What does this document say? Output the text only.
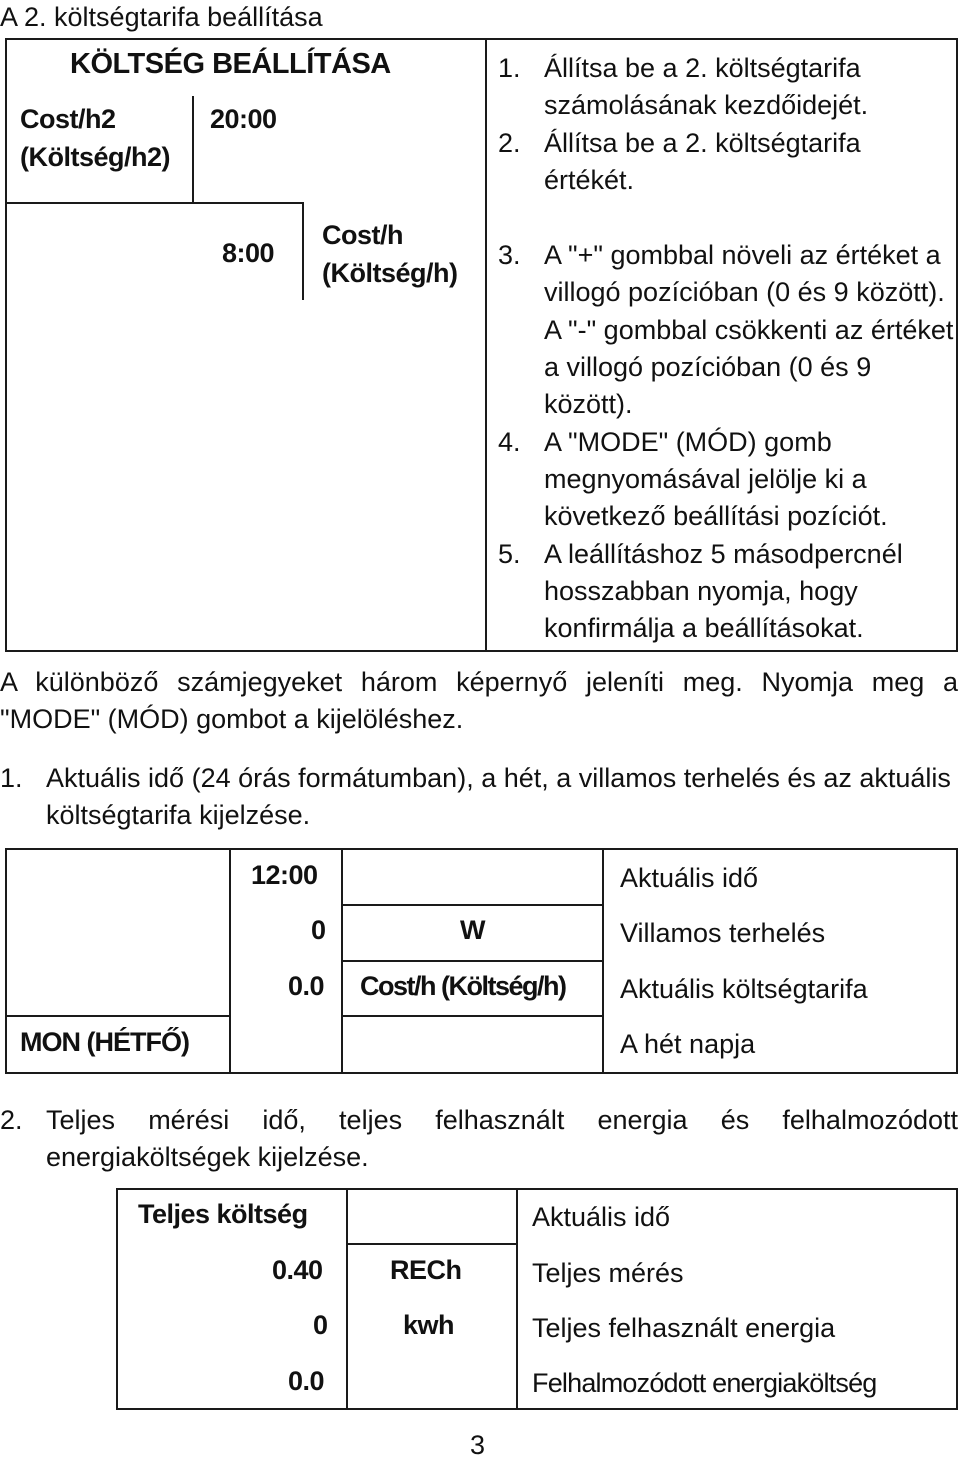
A 2. költségtarifa beállítása
KÖLTSÉG BEÁLLÍTÁSA
Cost/h2
(Költség/h2)
20:00
8:00
Cost/h
(Költség/h)
1. Állítsa be a 2. költségtarifa számolásának kezdőidejét.
2. Állítsa be a 2. költségtarifa értékét.
3. A "+" gombbal növeli az értéket a villogó pozícióban (0 és 9 között). A "-" gombbal csökkenti az értéket a villogó pozícióban (0 és 9 között).
4. A "MODE" (MÓD) gomb megnyomásával jelölje ki a következő beállítási pozíciót.
5. A leállításhoz 5 másodpercnél hosszabban nyomja, hogy konfirmálja a beállításokat.
A különböző számjegyeket három képernyő jeleníti meg. Nyomja meg a "MODE" (MÓD) gombot a kijelöléshez.
1. Aktuális idő (24 órás formátumban), a hét, a villamos terhelés és az aktuális költségtarifa kijelzése.
12:00
0	W
0.0 Cost/h (Költség/h)
MON (HÉTFŐ)
Aktuális idő
Villamos terhelés
Aktuális költségtarifa
A hét napja
2. Teljes mérési idő, teljes felhasznált energia és felhalmozódott energiaköltségek kijelzése.
Teljes költség
0.40 RECh
0	kwh
0.0
Aktuális idő
Teljes mérés
Teljes felhasznált energia
Felhalmozódott energiaköltség
3
